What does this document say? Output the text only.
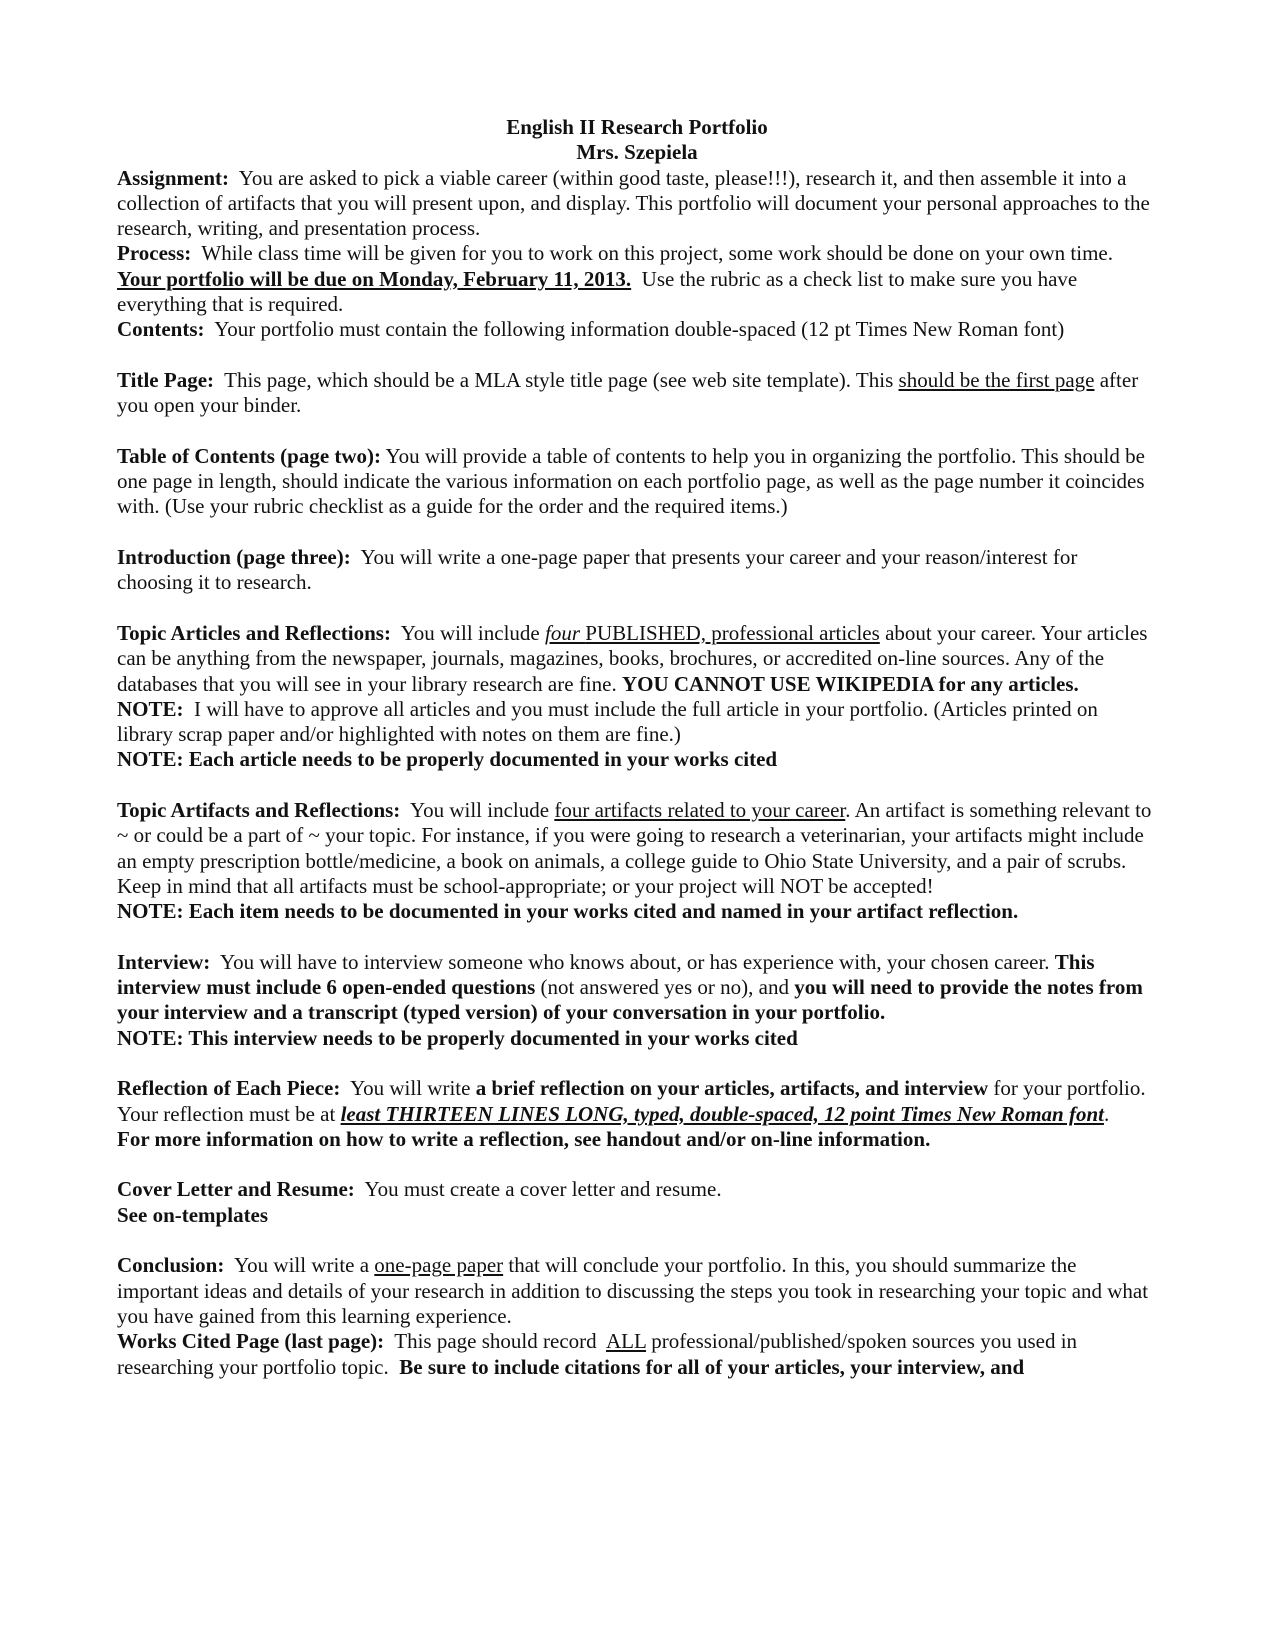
English II Research Portfolio
Mrs. Szepiela

Assignment: You are asked to pick a viable career (within good taste, please!!!), research it, and then assemble it into a collection of artifacts that you will present upon, and display. This portfolio will document your personal approaches to the research, writing, and presentation process.

Process: While class time will be given for you to work on this project, some work should be done on your own time.  Your portfolio will be due on Monday, February 11, 2013. Use the rubric as a check list to make sure you have everything that is required.

Contents: Your portfolio must contain the following information double-spaced (12 pt Times New Roman font)

Title Page: This page, which should be a MLA style title page (see web site template). This should be the first page after you open your binder.

Table of Contents (page two): You will provide a table of contents to help you in organizing the portfolio. This should be one page in length, should indicate the various information on each portfolio page, as well as the page number it coincides with. (Use your rubric checklist as a guide for the order and the required items.)

Introduction (page three): You will write a one-page paper that presents your career and your reason/interest for choosing it to research.

Topic Articles and Reflections: You will include four PUBLISHED, professional articles about your career. Your articles can be anything from the newspaper, journals, magazines, books, brochures, or accredited on-line sources. Any of the databases that you will see in your library research are fine. YOU CANNOT USE WIKIPEDIA for any articles.

NOTE: I will have to approve all articles and you must include the full article in your portfolio. (Articles printed on library scrap paper and/or highlighted with notes on them are fine.)

NOTE: Each article needs to be properly documented in your works cited

Topic Artifacts and Reflections: You will include four artifacts related to your career. An artifact is something relevant to ~ or could be a part of ~ your topic. For instance, if you were going to research a veterinarian, your artifacts might include an empty prescription bottle/medicine, a book on animals, a college guide to Ohio State University, and a pair of scrubs. Keep in mind that all artifacts must be school-appropriate; or your project will NOT be accepted!

NOTE: Each item needs to be documented in your works cited and named in your artifact reflection.

Interview: You will have to interview someone who knows about, or has experience with, your chosen career. This interview must include 6 open-ended questions (not answered yes or no), and you will need to provide the notes from your interview and a transcript (typed version) of your conversation in your portfolio.

NOTE: This interview needs to be properly documented in your works cited

Reflection of Each Piece: You will write a brief reflection on your articles, artifacts, and interview for your portfolio. Your reflection must be at least THIRTEEN LINES LONG, typed, double-spaced, 12 point Times New Roman font.

For more information on how to write a reflection, see handout and/or on-line information.

Cover Letter and Resume: You must create a cover letter and resume.

See on-templates

Conclusion: You will write a one-page paper that will conclude your portfolio. In this, you should summarize the important ideas and details of your research in addition to discussing the steps you took in researching your topic and what you have gained from this learning experience.

Works Cited Page (last page): This page should record ALL professional/published/spoken sources you used in researching your portfolio topic. Be sure to include citations for all of your articles, your interview, and
